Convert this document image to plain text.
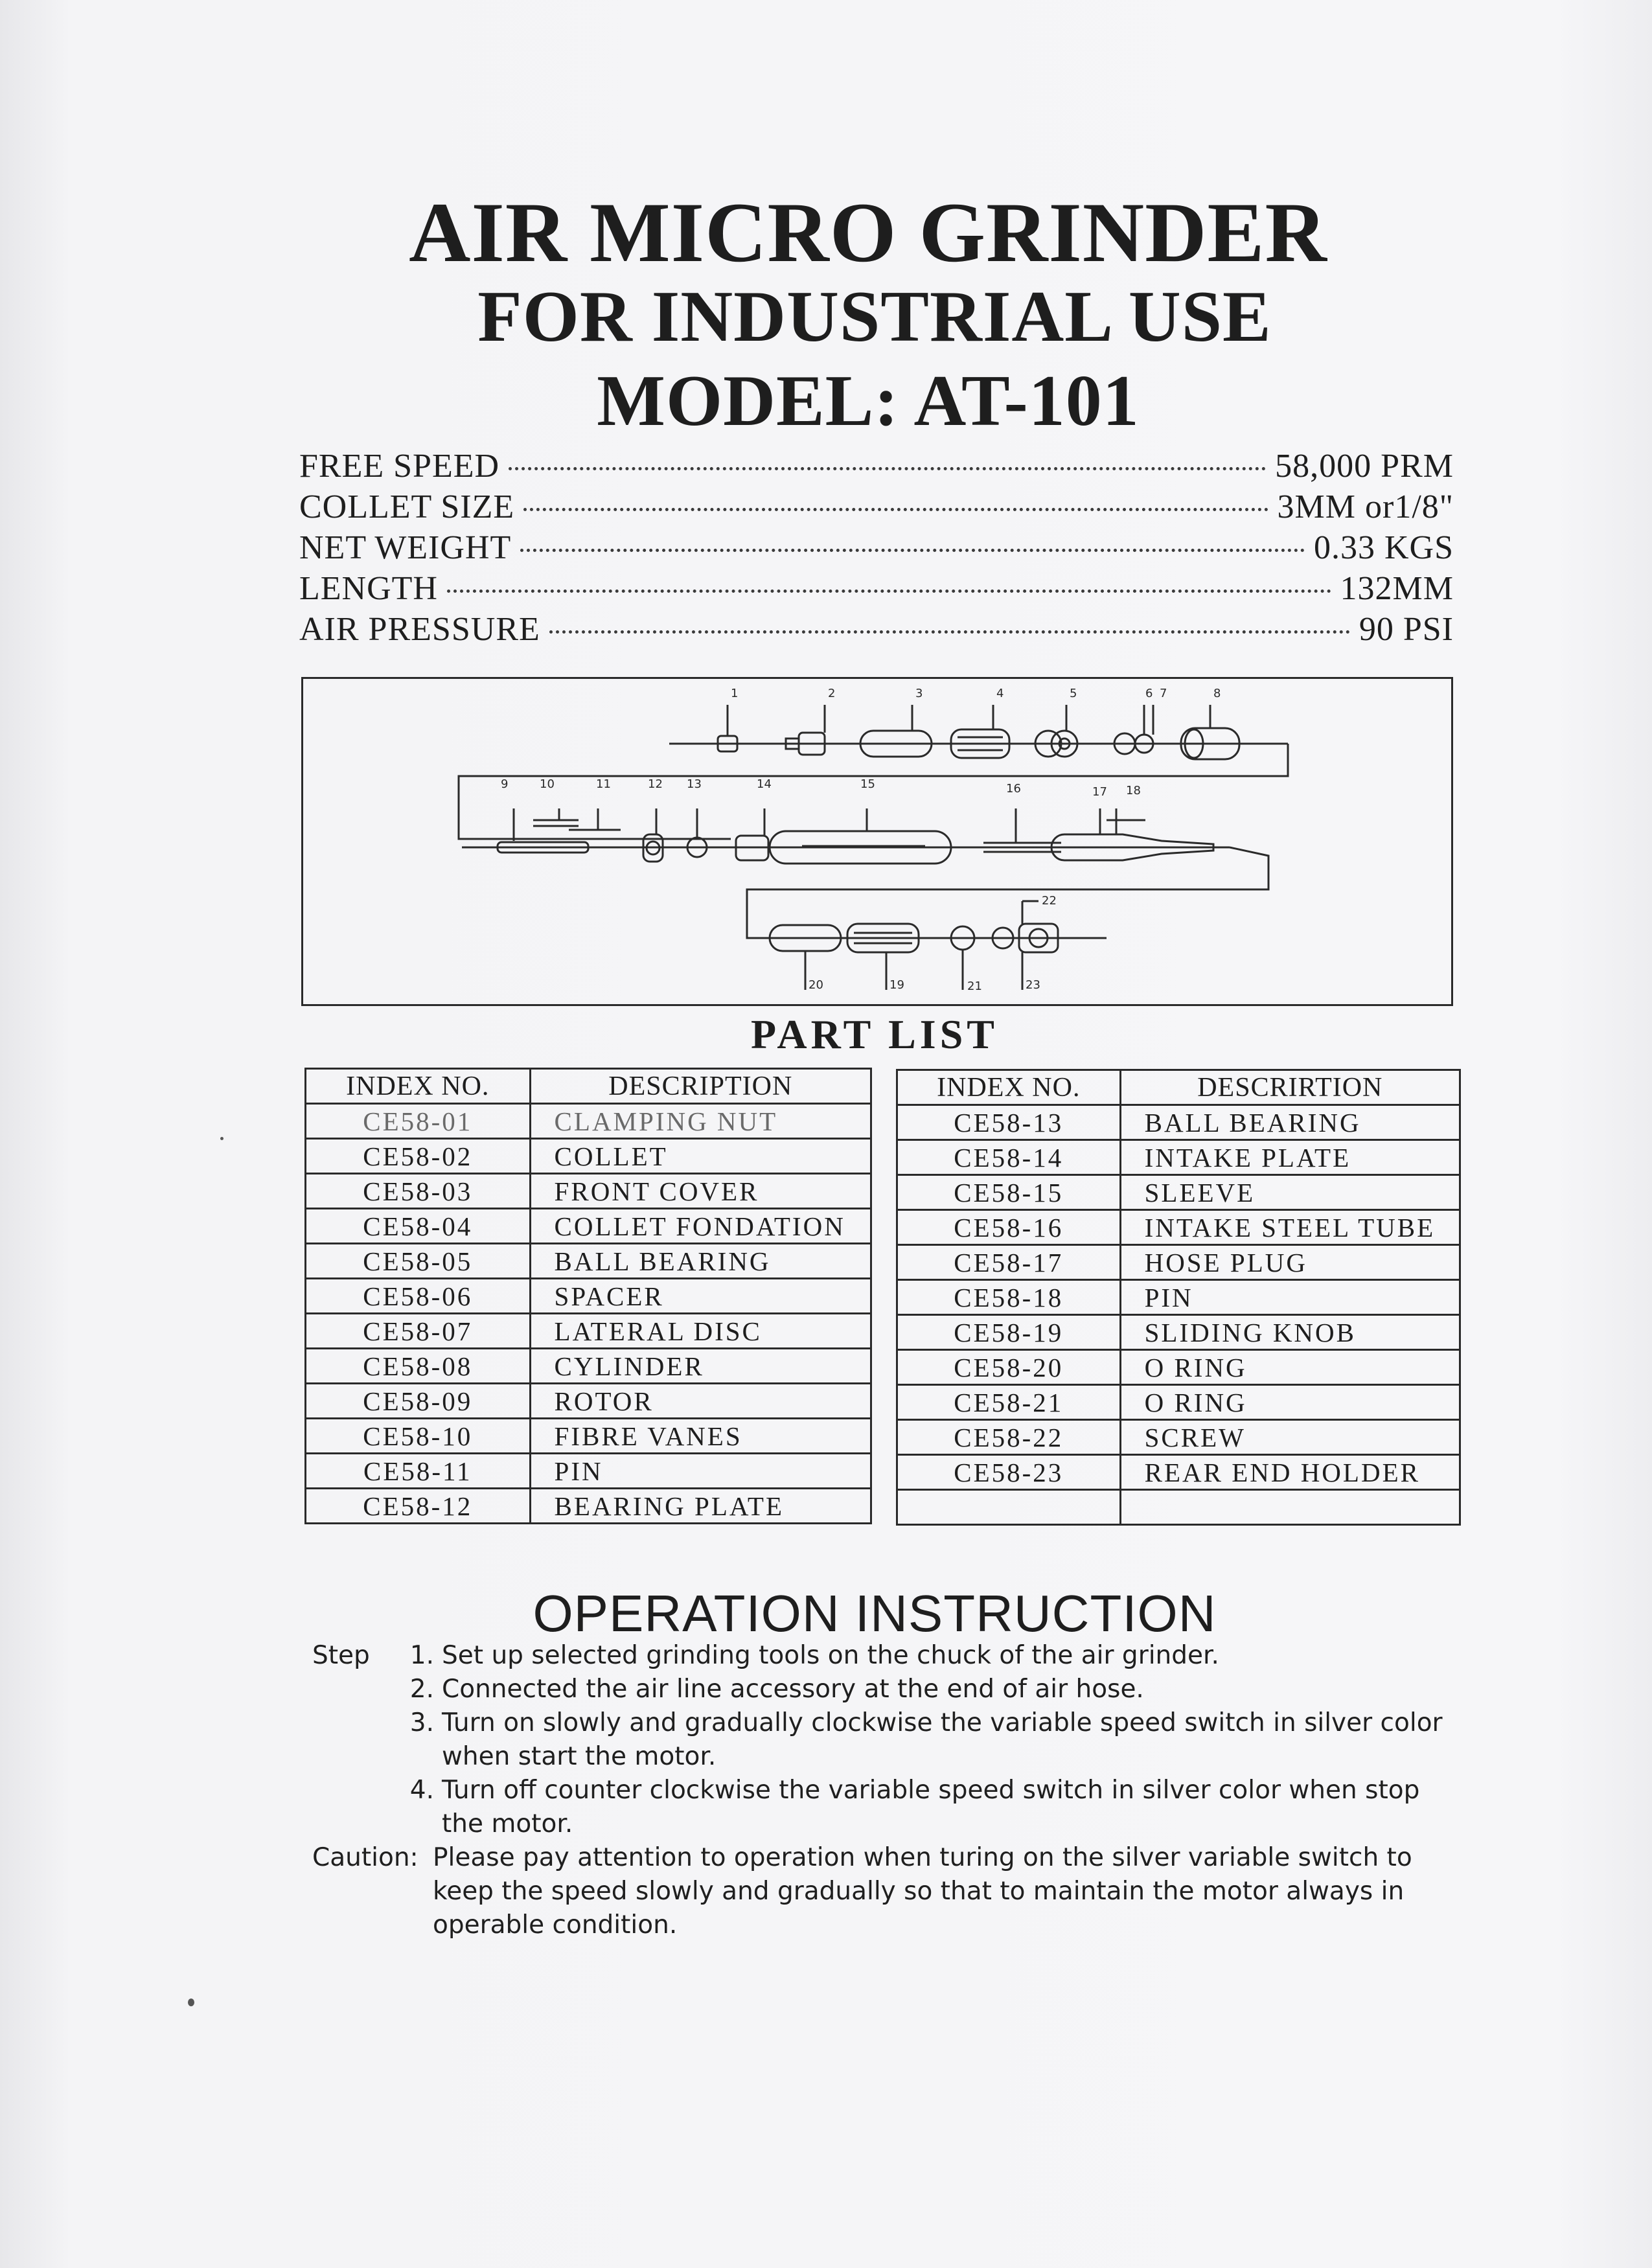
AIR MICRO GRINDER
FOR INDUSTRIAL USE
MODEL: AT-101
FREE SPEED	58,000 PRM
COLLET SIZE	3MM or1/8"
NET WEIGHT	0.33 KGS
LENGTH	132MM
AIR PRESSURE	90 PSI
1	2	3	4	5	6 7	8
9	10	11	12 13	14	15	16	17 18
19
20	21
22
23
PART LIST
INDEX NO.	DESCRIPTION
CE58-01	CLAMPING NUT
CE58-02	COLLET
CE58-03	FRONT COVER
CE58-04	COLLET FONDATION
CE58-05	BALL BEARING
CE58-06	SPACER
CE58-07	LATERAL DISC
CE58-08	CYLINDER
CE58-09	ROTOR
CE58-10	FIBRE VANES
CE58-11	PIN
CE58-12	BEARING PLATE
INDEX NO.	DESCRIRTION
CE58-13	BALL BEARING
CE58-14	INTAKE PLATE
CE58-15	SLEEVE
CE58-16	INTAKE STEEL TUBE
CE58-17	HOSE PLUG
CE58-18	PIN
CE58-19	SLIDING KNOB
CE58-20	O RING
CE58-21	O RING
CE58-22	SCREW
CE58-23	REAR END HOLDER

OPERATION INSTRUCTION
Step	1. Set up selected grinding tools on the chuck of the air grinder.
2. Connected the air line accessory at the end of air hose.
3. Turn on slowly and gradually clockwise the variable speed switch in silver color when start the motor.
4. Turn off counter clockwise the variable speed switch in silver color when stop the motor.
Caution: Please pay attention to operation when turing on the silver variable switch to keep the speed slowly and gradually so that to maintain the motor always in operable condition.
